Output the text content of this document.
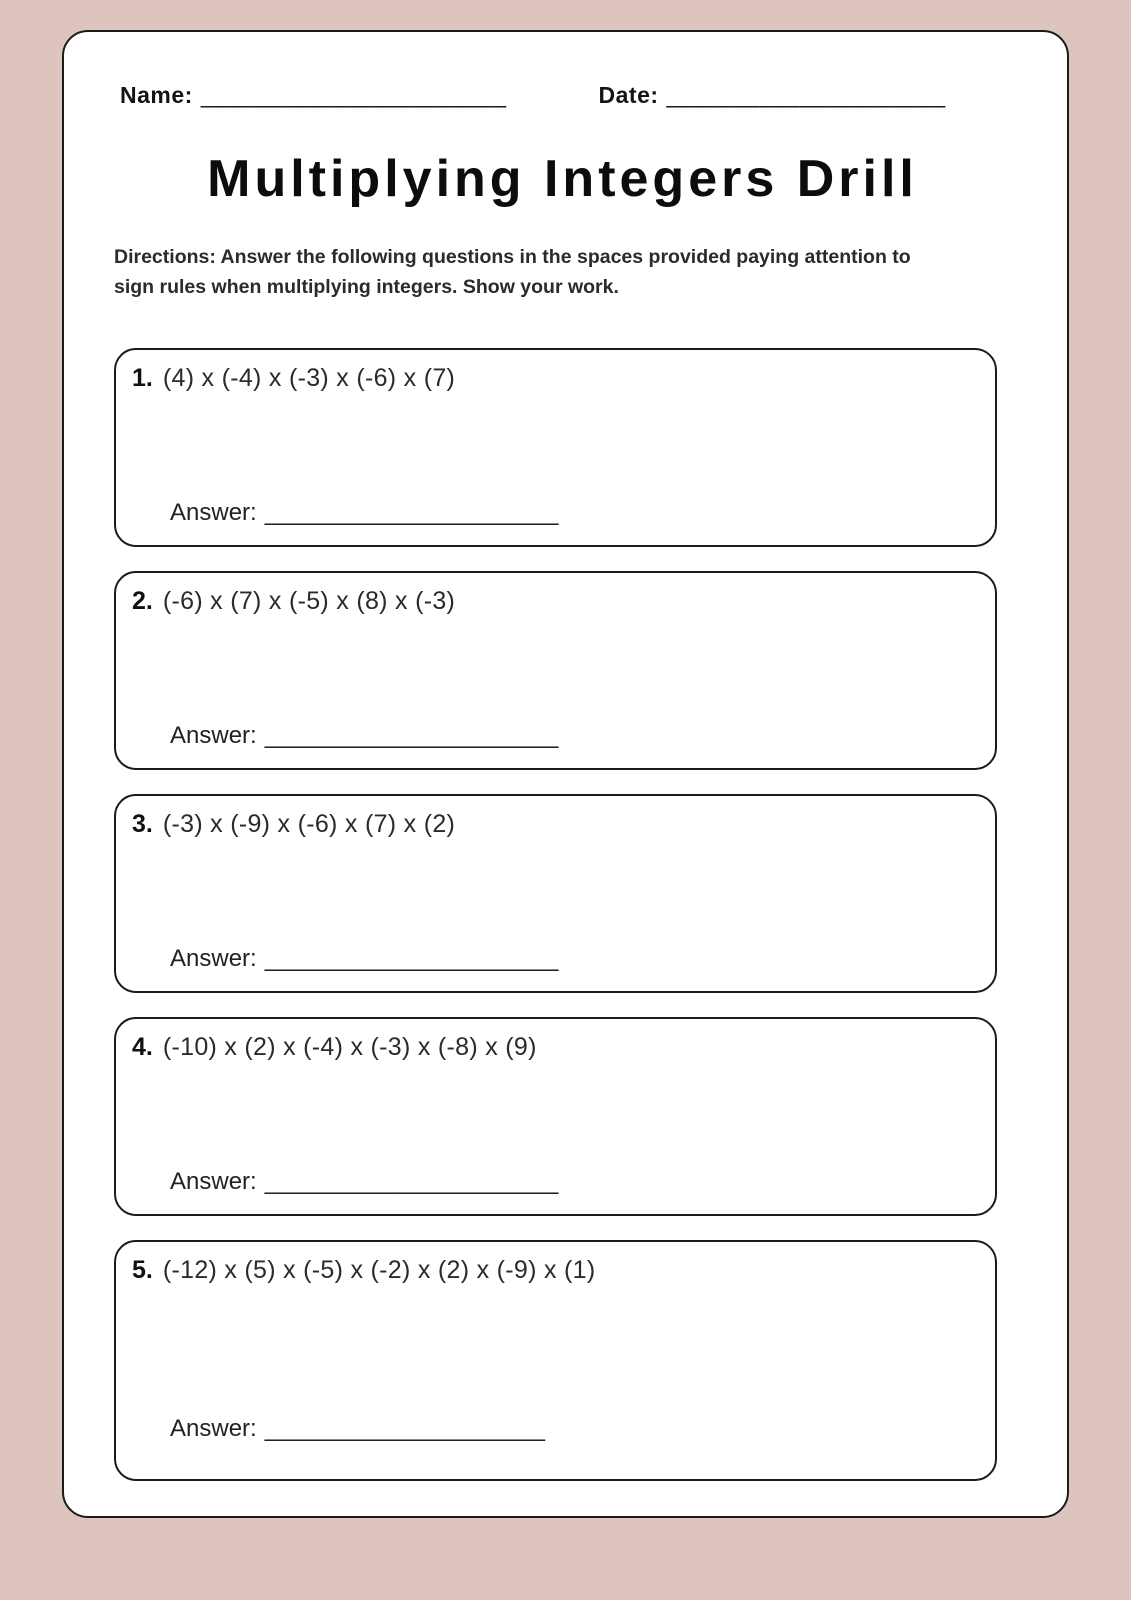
Name: _______________________	Date: _____________________
Multiplying Integers Drill
Directions: Answer the following questions in the spaces provided paying attention to sign rules when multiplying integers. Show your work.
1. (4) x (-4) x (-3) x (-6) x (7)
Answer: ______________________
2. (-6) x (7) x (-5) x (8) x (-3)
Answer: ______________________
3. (-3) x (-9) x (-6) x (7) x (2)
Answer: ______________________
4. (-10) x (2) x (-4) x (-3) x (-8) x (9)
Answer: ______________________
5. (-12) x (5) x (-5) x (-2) x (2) x (-9) x (1)
Answer: _____________________
